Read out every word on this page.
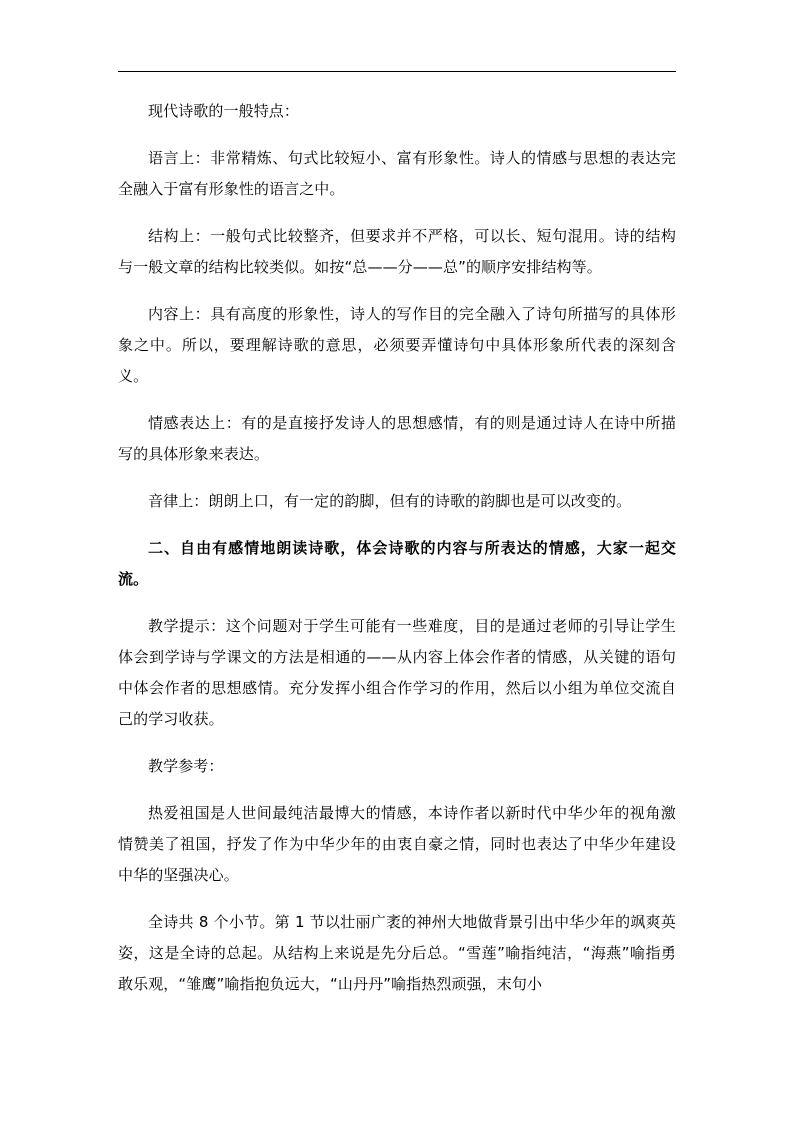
现代诗歌的一般特点：

语言上：非常精炼、句式比较短小、富有形象性。诗人的情感与思想的表达完全融入于富有形象性的语言之中。

结构上：一般句式比较整齐，但要求并不严格，可以长、短句混用。诗的结构与一般文章的结构比较类似。如按“总——分——总”的顺序安排结构等。

内容上：具有高度的形象性，诗人的写作目的完全融入了诗句所描写的具体形象之中。所以，要理解诗歌的意思，必须要弄懂诗句中具体形象所代表的深刻含义。

情感表达上：有的是直接抒发诗人的思想感情，有的则是通过诗人在诗中所描写的具体形象来表达。

音律上：朗朗上口，有一定的韵脚，但有的诗歌的韵脚也是可以改变的。

二、自由有感情地朗读诗歌，体会诗歌的内容与所表达的情感，大家一起交流。

教学提示：这个问题对于学生可能有一些难度，目的是通过老师的引导让学生体会到学诗与学课文的方法是相通的——从内容上体会作者的情感，从关键的语句中体会作者的思想感情。充分发挥小组合作学习的作用，然后以小组为单位交流自己的学习收获。

教学参考：

热爱祖国是人世间最纯洁最博大的情感，本诗作者以新时代中华少年的视角激情赞美了祖国，抒发了作为中华少年的由衷自豪之情，同时也表达了中华少年建设中华的坚强决心。

全诗共 8 个小节。第 1 节以壮丽广袤的神州大地做背景引出中华少年的飒爽英姿，这是全诗的总起。从结构上来说是先分后总。“雪莲”喻指纯洁，“海燕”喻指勇敢乐观，“雏鹰”喻指抱负远大，“山丹丹”喻指热烈顽强，末句小
